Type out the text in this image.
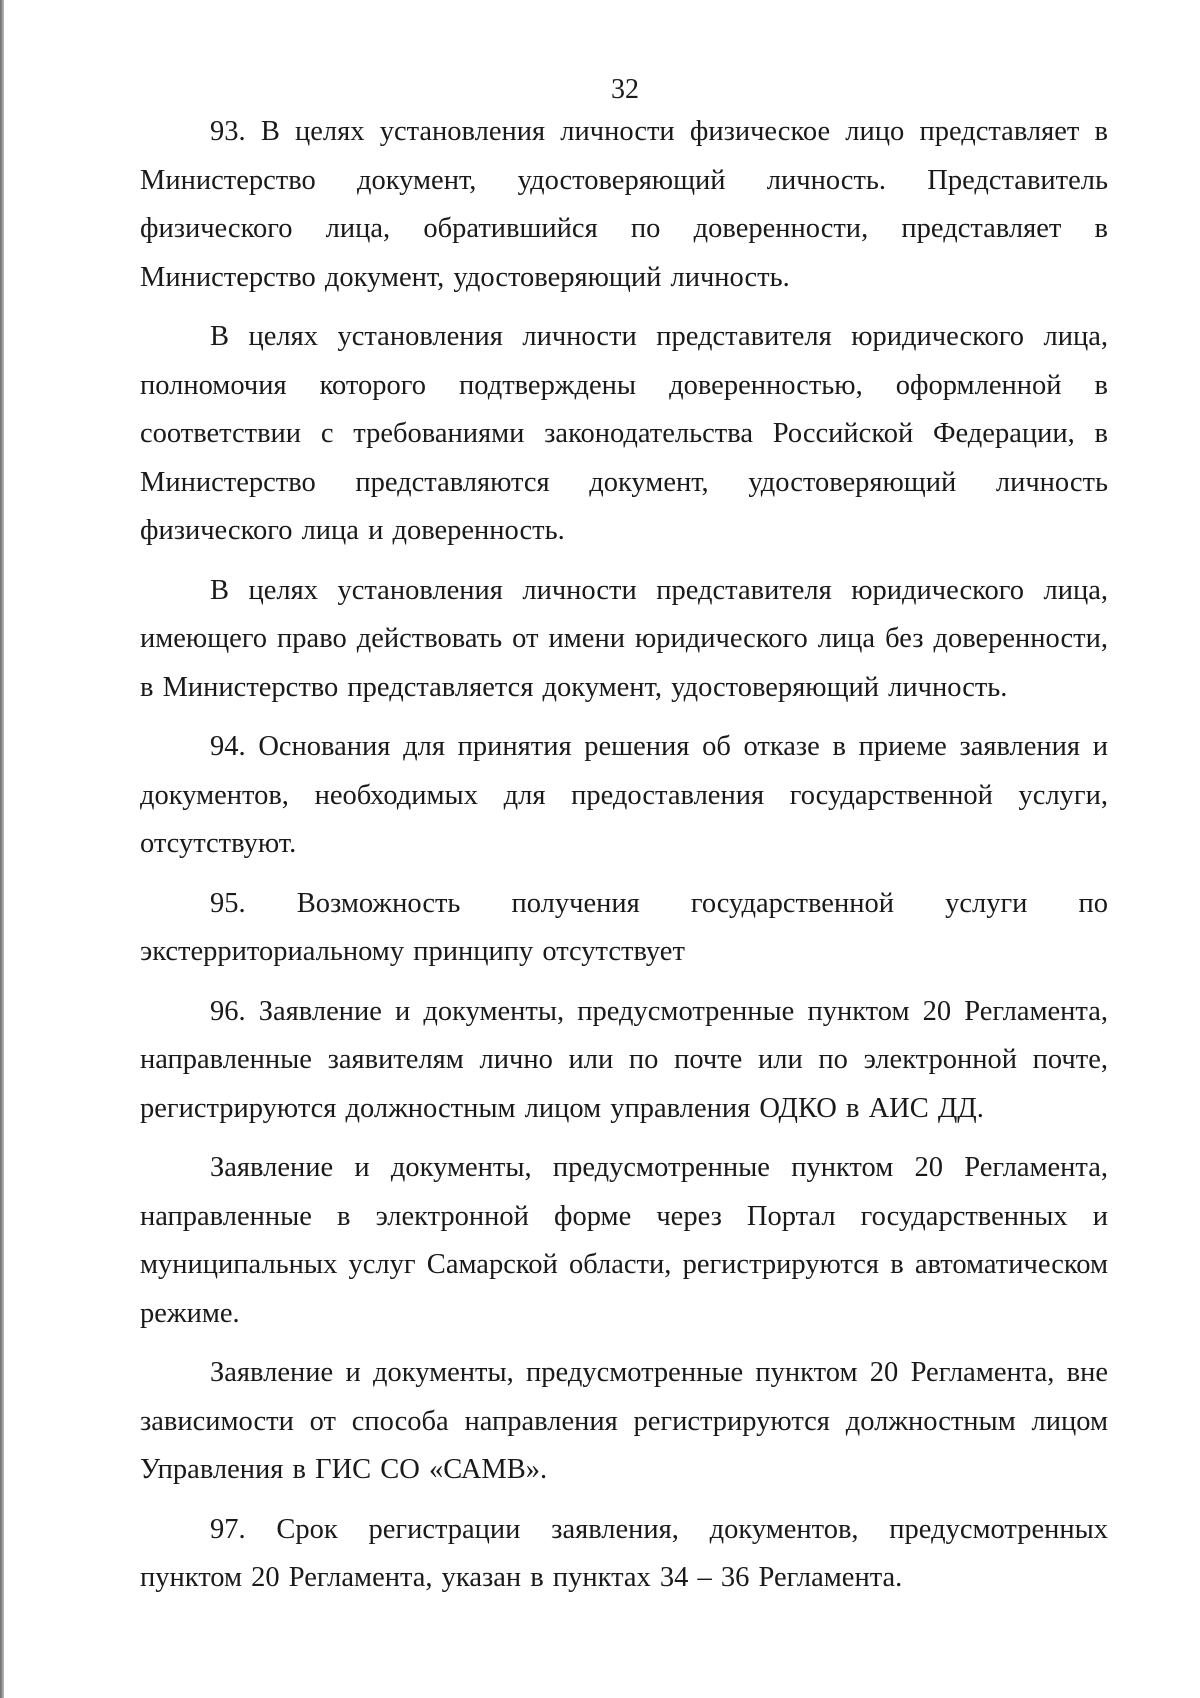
32

93. В целях установления личности физическое лицо представляет в Министерство документ, удостоверяющий личность. Представитель физического лица, обратившийся по доверенности, представляет в Министерство документ, удостоверяющий личность.

В целях установления личности представителя юридического лица, полномочия которого подтверждены доверенностью, оформленной в соответствии с требованиями законодательства Российской Федерации, в Министерство представляются документ, удостоверяющий личность физического лица и доверенность.

В целях установления личности представителя юридического лица, имеющего право действовать от имени юридического лица без доверенности, в Министерство представляется документ, удостоверяющий личность.

94. Основания для принятия решения об отказе в приеме заявления и документов, необходимых для предоставления государственной услуги, отсутствуют.

95. Возможность получения государственной услуги по экстерриториальному принципу отсутствует

96. Заявление и документы, предусмотренные пунктом 20 Регламента, направленные заявителям лично или по почте или по электронной почте, регистрируются должностным лицом управления ОДКО в АИС ДД.

Заявление и документы, предусмотренные пунктом 20 Регламента, направленные в электронной форме через Портал государственных и муниципальных услуг Самарской области, регистрируются в автоматическом режиме.

Заявление и документы, предусмотренные пунктом 20 Регламента, вне зависимости от способа направления регистрируются должностным лицом Управления в ГИС СО «САМВ».

97. Срок регистрации заявления, документов, предусмотренных пунктом 20 Регламента, указан в пунктах 34 – 36 Регламента.
